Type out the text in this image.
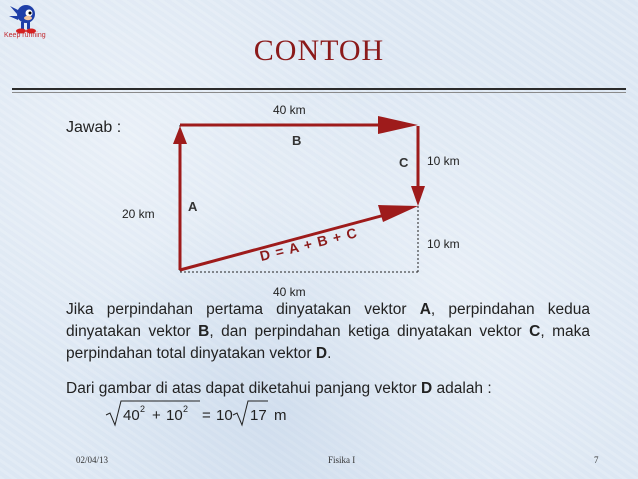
Keep running	CONTOH
Jawab :
40 km
B
C 10 km
20 km	A
10 km
D = A + B + C
40 km
Jika perpindahan pertama dinyatakan vektor A, perpindahan kedua dinyatakan vektor B, dan perpindahan ketiga dinyatakan vektor C, maka perpindahan total dinyatakan vektor D.
Dari gambar di atas dapat diketahui panjang vektor D adalah :
40 2 + 10 2 = 10 17 m
02/04/13	Fisika I	7
